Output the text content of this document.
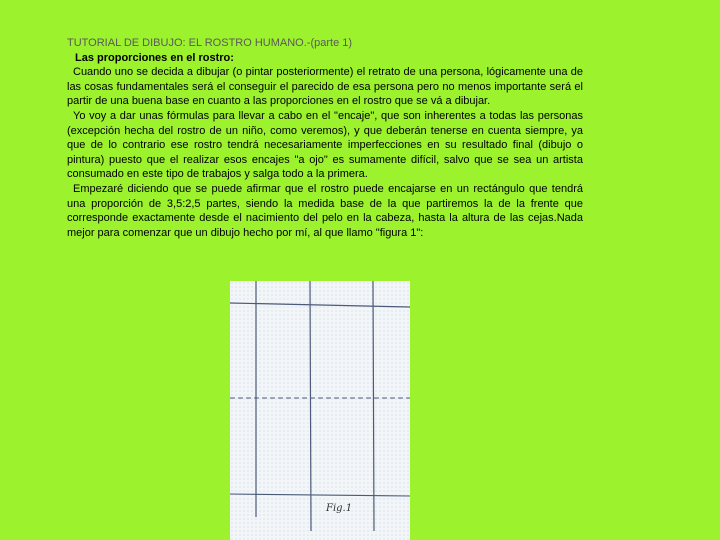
TUTORIAL DE DIBUJO: EL ROSTRO HUMANO.-(parte 1)
Las proporciones en el rostro:

Cuando uno se decida a dibujar (o pintar posteriormente) el retrato de una persona, lógicamente una de las cosas fundamentales será el conseguir el parecido de esa persona pero no menos importante será el partir de una buena base en cuanto a las proporciones en el rostro que se vá a dibujar.

Yo voy a dar unas fórmulas para llevar a cabo en el "encaje", que son inherentes a todas las personas (excepción hecha del rostro de un niño, como veremos), y que deberán tenerse en cuenta siempre, ya que de lo contrario ese rostro tendrá necesariamente imperfecciones en su resultado final (dibujo o pintura) puesto que el realizar esos encajes "a ojo" es sumamente difícil, salvo que se sea un artista consumado en este tipo de trabajos y salga todo a la primera.

Empezaré diciendo que se puede afirmar que el rostro puede encajarse en un rectángulo que tendrá una proporción de 3,5:2,5 partes, siendo la medida base de la que partiremos la de la frente que corresponde exactamente desde el nacimiento del pelo en la cabeza, hasta la altura de las cejas.Nada mejor para comenzar que un dibujo hecho por mí, al que llamo "figura 1":

Fig.1
